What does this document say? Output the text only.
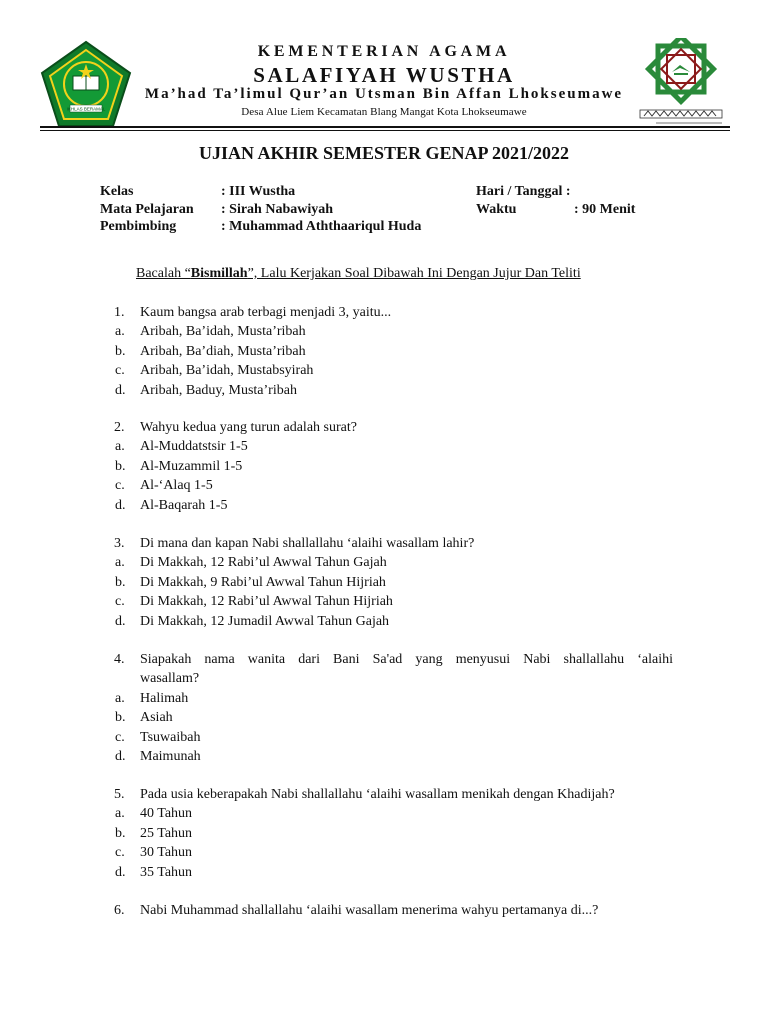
IKHLAS BERAMAL
KEMENTERIAN AGAMA
SALAFIYAH WUSTHA
Ma’had Ta’limul Qur’an Utsman Bin Affan Lhokseumawe
Desa Alue Liem Kecamatan Blang Mangat Kota Lhokseumawe
UJIAN AKHIR SEMESTER GENAP 2021/2022
Kelas	: III Wustha
Mata Pelajaran : Sirah Nabawiyah
Pembimbing	: Muhammad Aththaariqul Huda
Hari / Tanggal :
Waktu	: 90 Menit
Bacalah “Bismillah”, Lalu Kerjakan Soal Dibawah Ini Dengan Jujur Dan Teliti
1.	Kaum bangsa arab terbagi menjadi 3, yaitu...
a. Aribah, Ba’idah, Musta’ribah
b. Aribah, Ba’diah, Musta’ribah
c. Aribah, Ba’idah, Mustabsyirah
d. Aribah, Baduy, Musta’ribah
2.	Wahyu kedua yang turun adalah surat?
a. Al-Muddatstsir 1-5
b. Al-Muzammil 1-5
c. Al-‘Alaq 1-5
d. Al-Baqarah 1-5
3.	Di mana dan kapan Nabi shallallahu ‘alaihi wasallam lahir?
a. Di Makkah, 12 Rabi’ul Awwal Tahun Gajah
b. Di Makkah, 9 Rabi’ul Awwal Tahun Hijriah
c. Di Makkah, 12 Rabi’ul Awwal Tahun Hijriah
d. Di Makkah, 12 Jumadil Awwal Tahun Gajah
4.	Siapakah nama wanita dari Bani Sa'ad yang menyusui Nabi shallallahu ‘alaihi
wasallam?
a. Halimah
b. Asiah
c. Tsuwaibah
d. Maimunah
5.	Pada usia keberapakah Nabi shallallahu ‘alaihi wasallam menikah dengan Khadijah?
a. 40 Tahun
b. 25 Tahun
c. 30 Tahun
d. 35 Tahun
6.	Nabi Muhammad shallallahu ‘alaihi wasallam menerima wahyu pertamanya di...?
